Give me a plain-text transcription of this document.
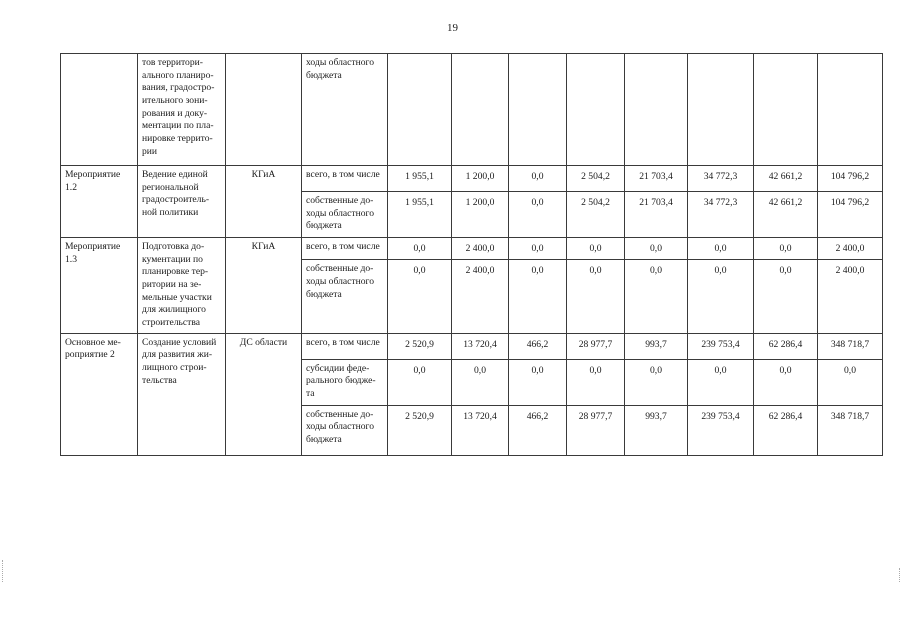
19
	тов территори-ального планиро-вания, градостро-ительного зони-рования и доку-ментации по пла-нировке террито-рии		ходы областного бюджета								
Мероприятие 1.2	Ведение единой региональной градостроитель-ной политики	КГиА	всего, в том числе	1 955,1	1 200,0	0,0	2 504,2	21 703,4	34 772,3	42 661,2	104 796,2
			собственные до-ходы областного бюджета	1 955,1	1 200,0	0,0	2 504,2	21 703,4	34 772,3	42 661,2	104 796,2
Мероприятие 1.3	Подготовка до-кументации по планировке тер-ритории на зе-мельные участки для жилищного строительства	КГиА	всего, в том числе	0,0	2 400,0	0,0	0,0	0,0	0,0	0,0	2 400,0
			собственные до-ходы областного бюджета	0,0	2 400,0	0,0	0,0	0,0	0,0	0,0	2 400,0
Основное ме-роприятие 2	Создание условий для развития жи-лищного строи-тельства	ДС области	всего, в том числе	2 520,9	13 720,4	466,2	28 977,7	993,7	239 753,4	62 286,4	348 718,7
			субсидии феде-рального бюдже-та	0,0	0,0	0,0	0,0	0,0	0,0	0,0	0,0
			собственные до-ходы областного бюджета	2 520,9	13 720,4	466,2	28 977,7	993,7	239 753,4	62 286,4	348 718,7
